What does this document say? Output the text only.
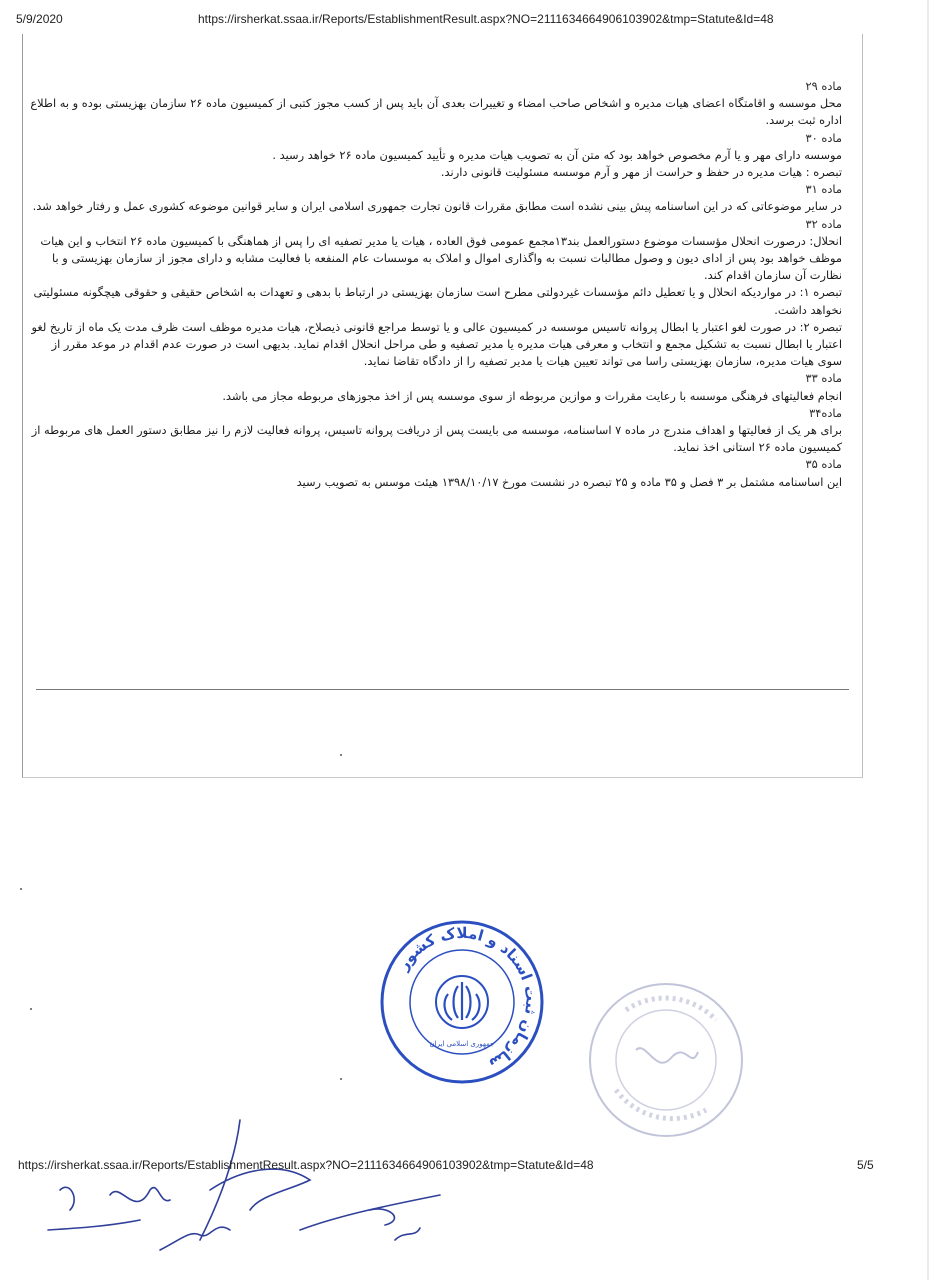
5/9/2020	https://irsherkat.ssaa.ir/Reports/EstablishmentResult.aspx?NO=2111634664906103902&tmp=Statute&Id=48

ماده ۲۹

محل موسسه و اقامتگاه اعضای هیات مدیره و اشخاص صاحب امضاء و تغییرات بعدی آن باید پس از کسب مجوز کتبی از کمیسیون ماده ۲۶ سازمان بهزیستی بوده و به اطلاع اداره ثبت برسد.

ماده ۳۰

موسسه دارای مهر و یا آرم مخصوص خواهد بود که متن آن به تصویب هیات مدیره و تأیید کمیسیون ماده ۲۶ خواهد رسید .

تبصره : هیات مدیره در حفظ و حراست از مهر و آرم موسسه مسئولیت قانونی دارند.

ماده ۳۱

در سایر موضوعاتی که در این اساسنامه پیش بینی نشده است مطابق مقررات قانون تجارت جمهوری اسلامی ایران و سایر قوانین موضوعه کشوری عمل و رفتار خواهد شد.

ماده ۳۲

انحلال: درصورت انحلال مؤسسات موضوع دستورالعمل بند۱۳مجمع عمومی فوق العاده ، هیات یا مدیر تصفیه ای را پس از هماهنگی با کمیسیون ماده ۲۶ انتخاب و این هیات موظف خواهد بود پس از ادای دیون و وصول مطالبات نسبت به واگذاری اموال و املاک به موسسات عام المنفعه با فعالیت مشابه و دارای مجوز از سازمان بهزیستی و با نظارت آن سازمان اقدام کند.

تبصره ۱: در مواردیکه انحلال و یا تعطیل دائم مؤسسات غیردولتی مطرح است سازمان بهزیستی در ارتباط با بدهی و تعهدات به اشخاص حقیقی و حقوقی هیچگونه مسئولیتی نخواهد داشت.

تبصره ۲: در صورت لغو اعتبار یا ابطال پروانه تاسیس موسسه در کمیسیون عالی و یا توسط مراجع قانونی ذیصلاح، هیات مدیره موظف است ظرف مدت یک ماه از تاریخ لغو اعتبار یا ابطال نسبت به تشکیل مجمع و انتخاب و معرفی هیات مدیره یا مدیر تصفیه و طی مراحل انحلال اقدام نماید. بدیهی است در صورت عدم اقدام در موعد مقرر از سوی هیات مدیره، سازمان بهزیستی راسا می تواند تعیین هیات یا مدیر تصفیه را از دادگاه تقاضا نماید.

ماده ۳۳

انجام فعالیتهای فرهنگی موسسه با رعایت مقررات و موازین مربوطه از سوی موسسه پس از اخذ مجوزهای مربوطه مجاز می باشد.

ماده۳۴

برای هر یک از فعالیتها و اهداف مندرج در ماده ۷ اساسنامه، موسسه می بایست پس از دریافت پروانه تاسیس، پروانه فعالیت لازم را نیز مطابق دستور العمل های مربوطه از کمیسیون ماده ۲۶ استانی اخذ نماید.

ماده ۳۵

این اساسنامه مشتمل بر ۳ فصل و ۳۵ ماده و ۲۵ تبصره در نشست مورخ ۱۳۹۸/۱۰/۱۷ هیئت موسس به تصویب رسید

سازمان ثبت اسناد و املاک کشور
جمهوری اسلامی ایران
https://irsherkat.ssaa.ir/Reports/EstablishmentResult.aspx?NO=2111634664906103902&tmp=Statute&Id=48	5/5
